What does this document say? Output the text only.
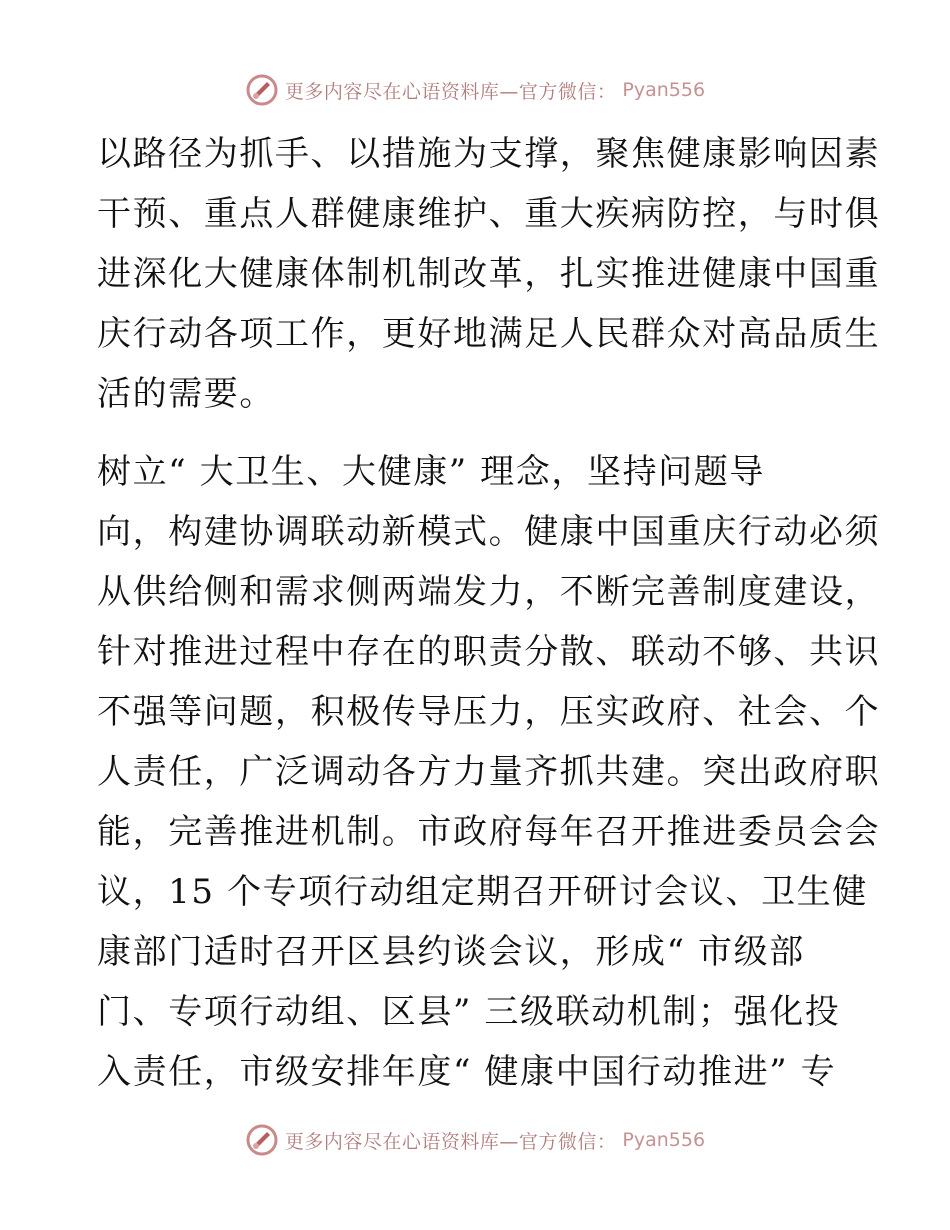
更多内容尽在心语资料库—官方微信： Pyan556

以路径为抓手、以措施为支撑，聚焦健康影响因素
干预、重点人群健康维护、重大疾病防控，与时俱
进深化大健康体制机制改革，扎实推进健康中国重
庆行动各项工作，更好地满足人民群众对高品质生
活的需要。

树立“ 大卫生、大健康” 理念，坚持问题导
向，构建协调联动新模式。健康中国重庆行动必须
从供给侧和需求侧两端发力，不断完善制度建设，
针对推进过程中存在的职责分散、联动不够、共识
不强等问题，积极传导压力，压实政府、社会、个
人责任，广泛调动各方力量齐抓共建。突出政府职
能，完善推进机制。市政府每年召开推进委员会会
议，15 个专项行动组定期召开研讨会议、卫生健
康部门适时召开区县约谈会议，形成“ 市级部
门、专项行动组、区县” 三级联动机制；强化投
入责任，市级安排年度“ 健康中国行动推进” 专

更多内容尽在心语资料库—官方微信： Pyan556
